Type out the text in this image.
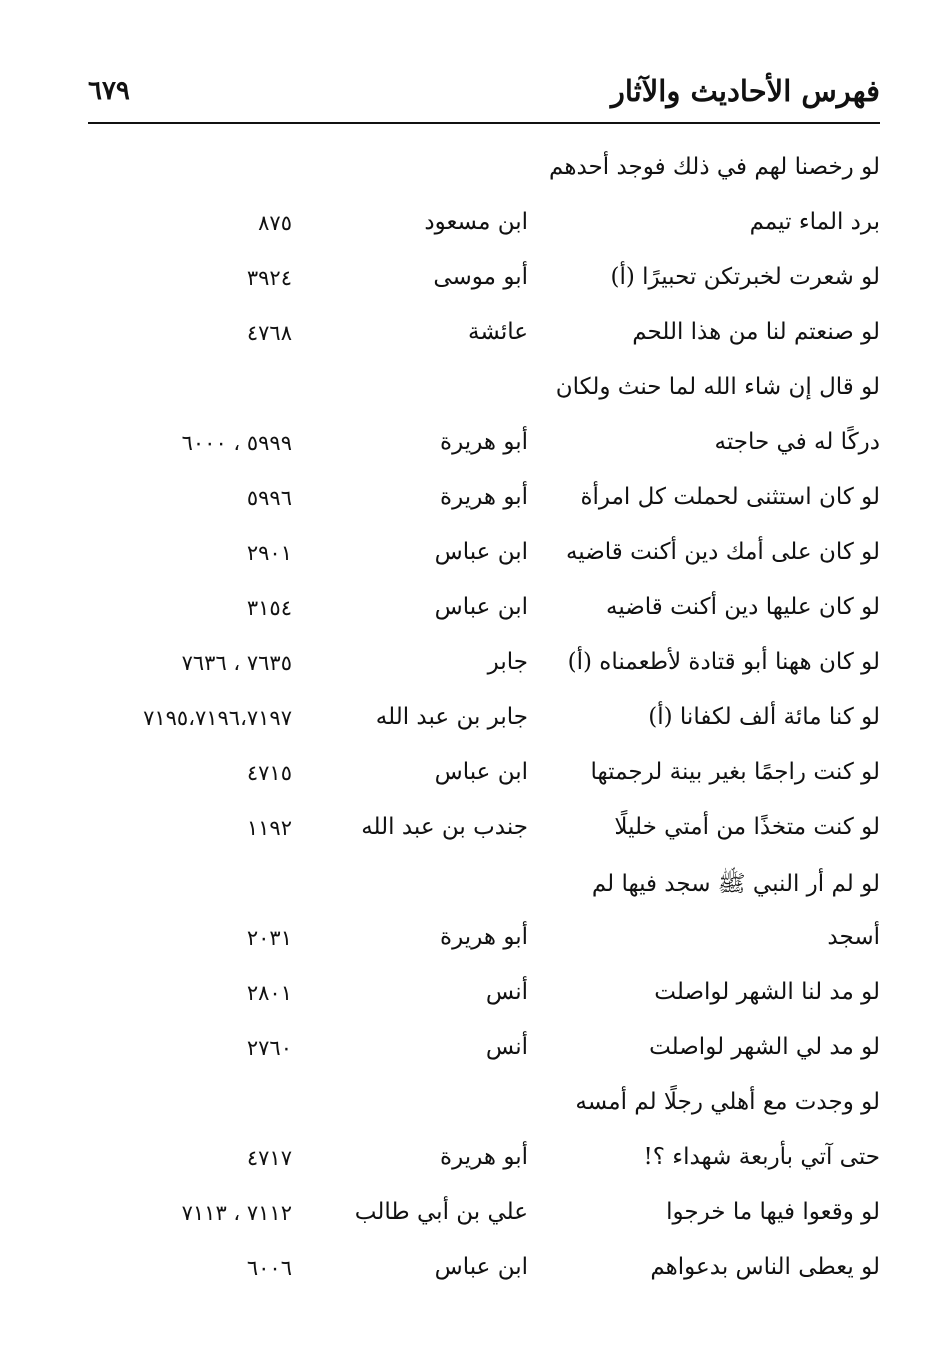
فهرس الأحاديث والآثار
٦٧٩
لو رخصنا لهم في ذلك فوجد أحدهم
برد الماء تيمم
ابن مسعود
٨٧٥
لو شعرت لخبرتكن تحبيرًا (أ)
أبو موسى
٣٩٢٤
لو صنعتم لنا من هذا اللحم
عائشة
٤٧٦٨
لو قال إن شاء الله لما حنث ولكان
دركًا له في حاجته
أبو هريرة
٥٩٩٩ ، ٦٠٠٠
لو كان استثنى لحملت كل امرأة
أبو هريرة
٥٩٩٦
لو كان على أمك دين أكنت قاضيه
ابن عباس
٢٩٠١
لو كان عليها دين أكنت قاضيه
ابن عباس
٣١٥٤
لو كان ههنا أبو قتادة لأطعمناه (أ)
جابر
٧٦٣٥ ، ٧٦٣٦
لو كنا مائة ألف لكفانا (أ)
جابر بن عبد الله
٧١٩٥،٧١٩٦،٧١٩٧
لو كنت راجمًا بغير بينة لرجمتها
ابن عباس
٤٧١٥
لو كنت متخذًا من أمتي خليلًا
جندب بن عبد الله
١١٩٢
لو لم أر النبي ﷺ سجد فيها لم
أسجد
أبو هريرة
٢٠٣١
لو مد لنا الشهر لواصلت
أنس
٢٨٠١
لو مد لي الشهر لواصلت
أنس
٢٧٦٠
لو وجدت مع أهلي رجلًا لم أمسه
حتى آتي بأربعة شهداء ؟!
أبو هريرة
٤٧١٧
لو وقعوا فيها ما خرجوا
علي بن أبي طالب
٧١١٢ ، ٧١١٣
لو يعطى الناس بدعواهم
ابن عباس
٦٠٠٦
